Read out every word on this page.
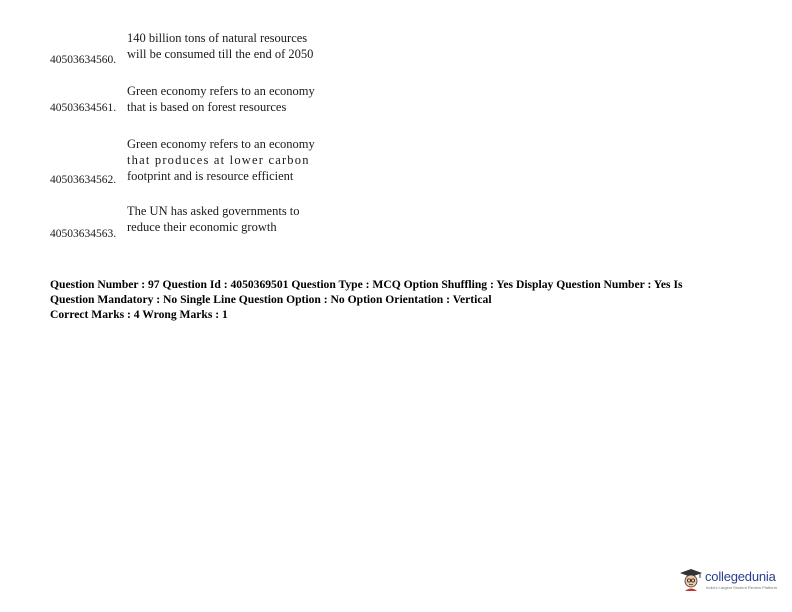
140 billion tons of natural resources
will be consumed till the end of 2050
40503634560.
Green economy refers to an economy
that is based on forest resources
40503634561.
Green economy refers to an economy
that produces at lower carbon
footprint and is resource efficient
40503634562.
The UN has asked governments to
reduce their economic growth
40503634563.
Question Number : 97 Question Id : 4050369501 Question Type : MCQ Option Shuffling : Yes Display Question Number : Yes Is
Question Mandatory : No Single Line Question Option : No Option Orientation : Vertical
Correct Marks : 4 Wrong Marks : 1
collegedunia
India's Largest Student Review Platform
